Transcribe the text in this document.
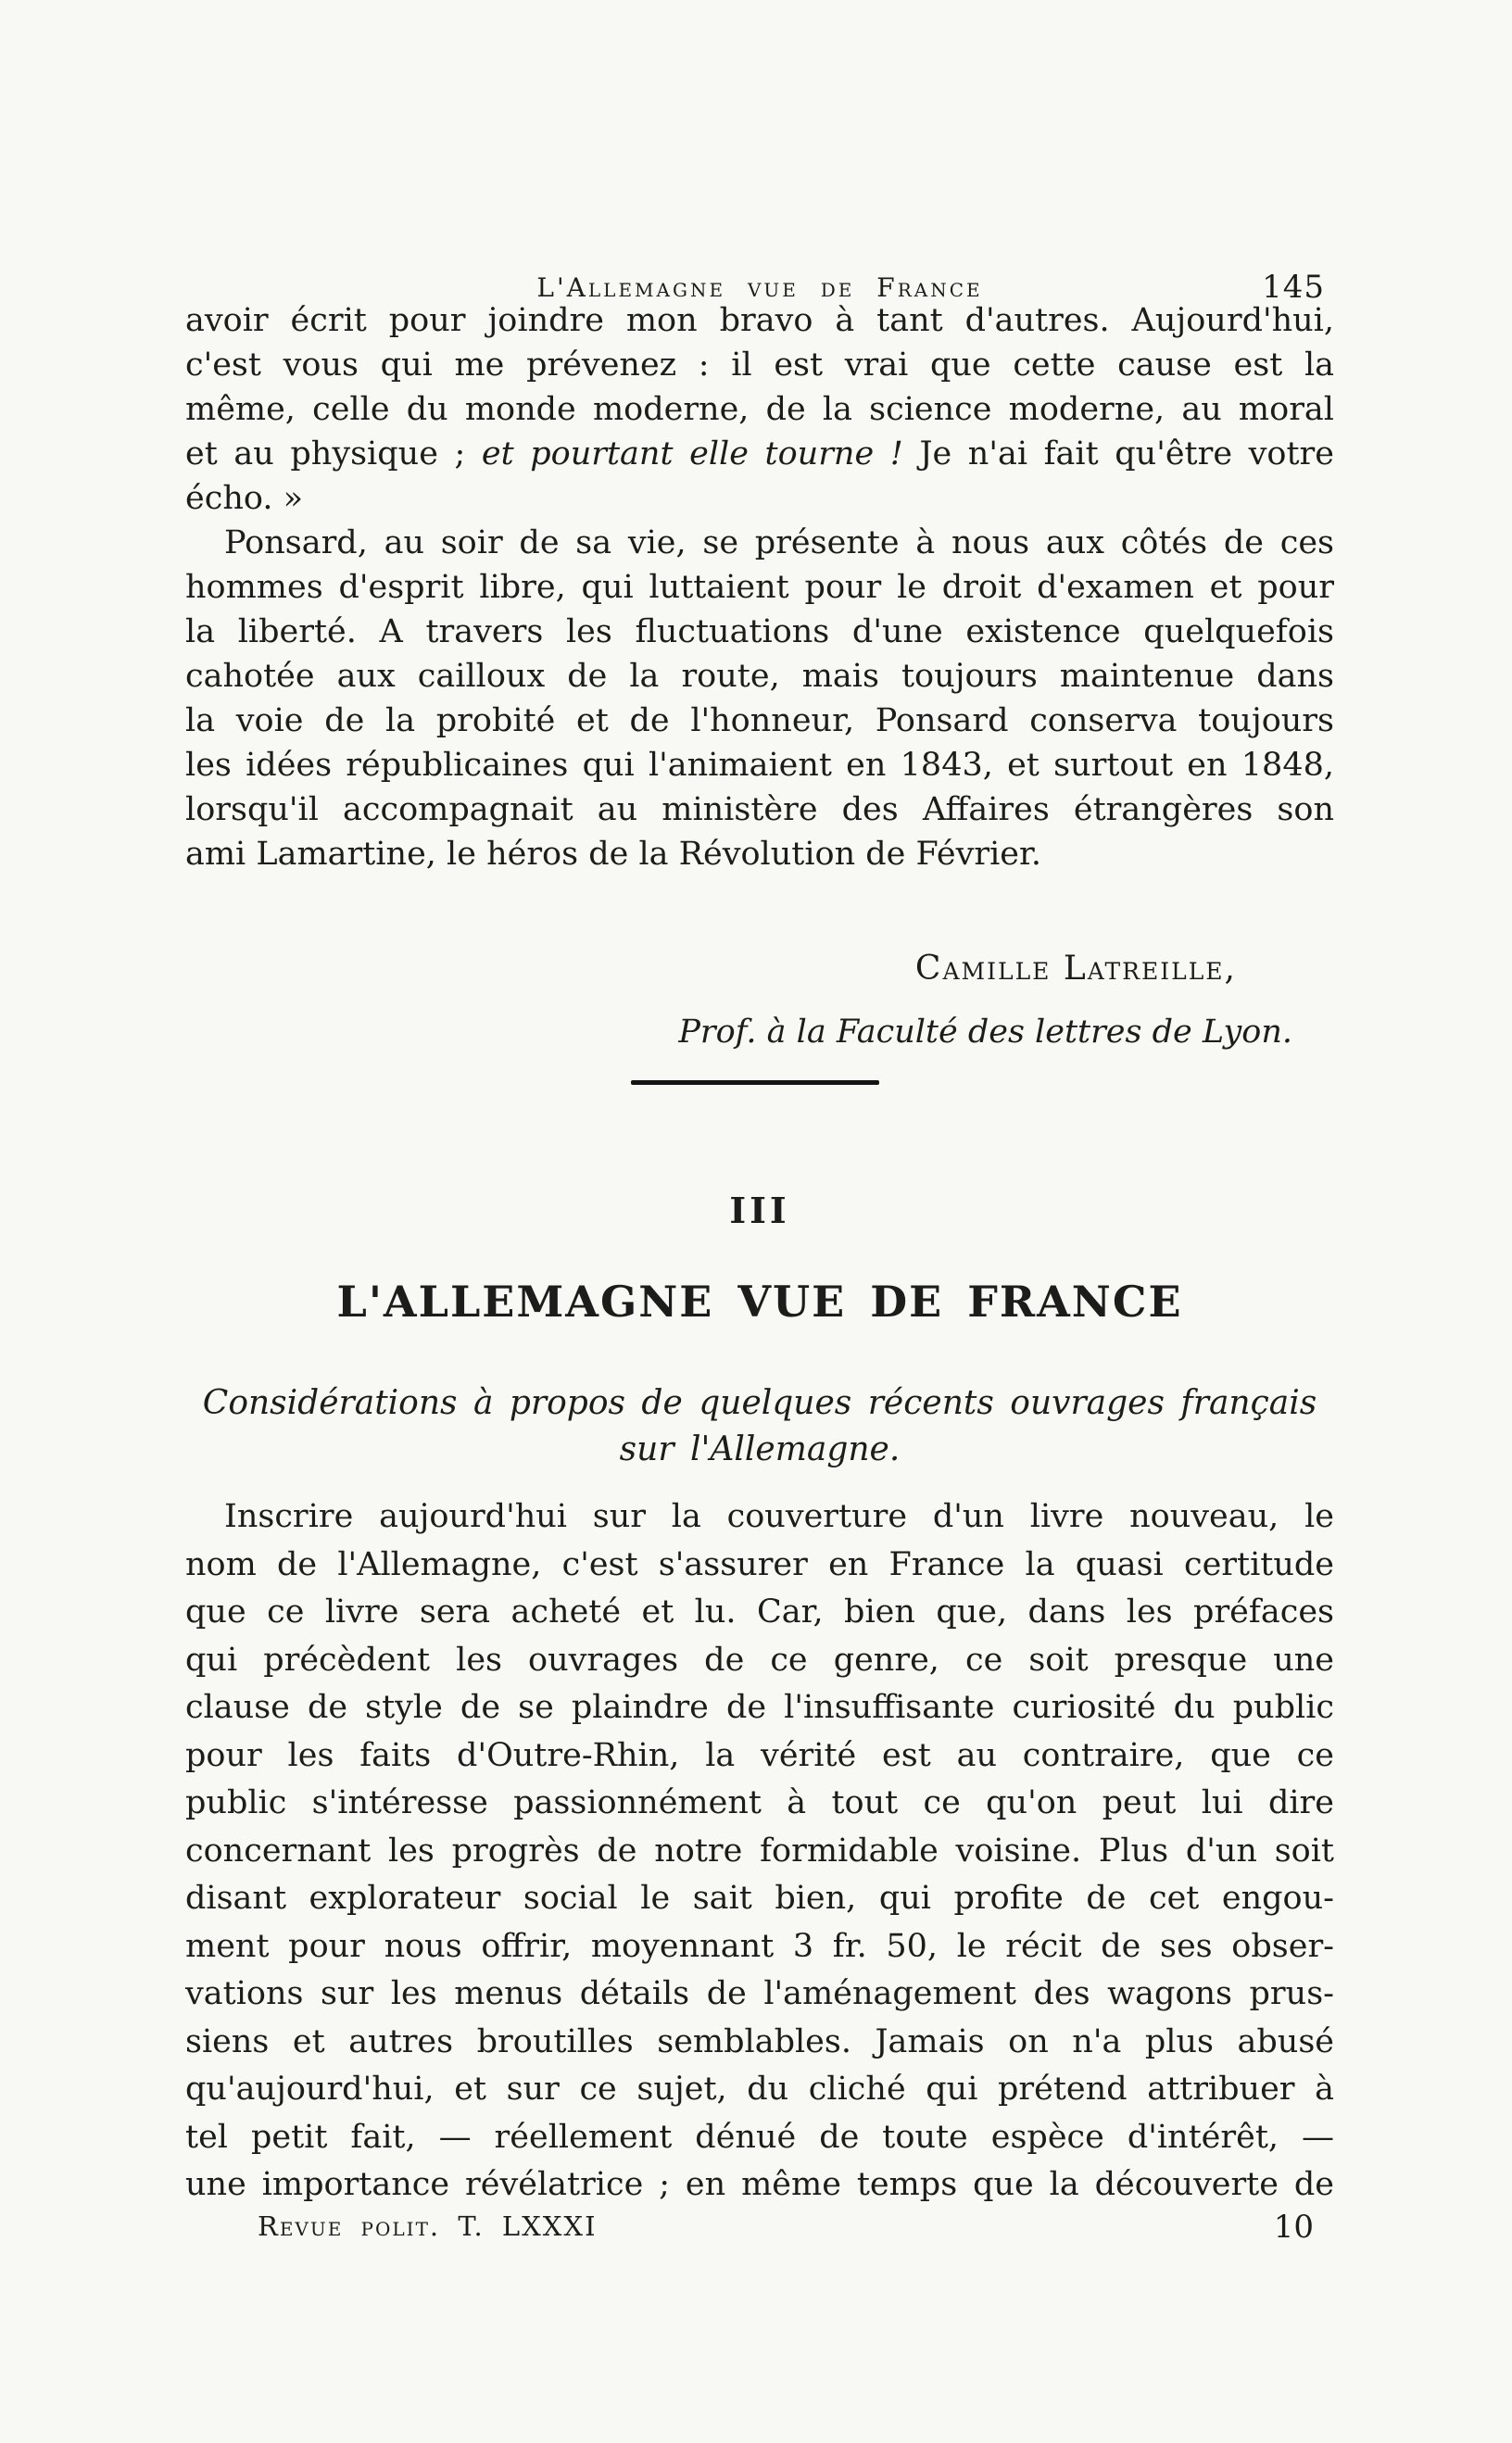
L'Allemagne vue de France	145
avoir écrit pour joindre mon bravo à tant d'autres. Aujourd'hui,
c'est vous qui me prévenez : il est vrai que cette cause est la
même, celle du monde moderne, de la science moderne, au moral
et au physique ; et pourtant elle tourne ! Je n'ai fait qu'être votre
écho. »
Ponsard, au soir de sa vie, se présente à nous aux côtés de ces
hommes d'esprit libre, qui luttaient pour le droit d'examen et pour
la liberté. A travers les fluctuations d'une existence quelquefois
cahotée aux cailloux de la route, mais toujours maintenue dans
la voie de la probité et de l'honneur, Ponsard conserva toujours
les idées républicaines qui l'animaient en 1843, et surtout en 1848,
lorsqu'il accompagnait au ministère des Affaires étrangères son
ami Lamartine, le héros de la Révolution de Février.
Camille Latreille,
Prof. à la Faculté des lettres de Lyon.
III
L'ALLEMAGNE VUE DE FRANCE
Considérations à propos de quelques récents ouvrages français
sur l'Allemagne.
Inscrire aujourd'hui sur la couverture d'un livre nouveau, le
nom de l'Allemagne, c'est s'assurer en France la quasi certitude
que ce livre sera acheté et lu. Car, bien que, dans les préfaces
qui précèdent les ouvrages de ce genre, ce soit presque une
clause de style de se plaindre de l'insuffisante curiosité du public
pour les faits d'Outre-Rhin, la vérité est au contraire, que ce
public s'intéresse passionnément à tout ce qu'on peut lui dire
concernant les progrès de notre formidable voisine. Plus d'un soit
disant explorateur social le sait bien, qui profite de cet engou-
ment pour nous offrir, moyennant 3 fr. 50, le récit de ses obser-
vations sur les menus détails de l'aménagement des wagons prus-
siens et autres broutilles semblables. Jamais on n'a plus abusé
qu'aujourd'hui, et sur ce sujet, du cliché qui prétend attribuer à
tel petit fait, — réellement dénué de toute espèce d'intérêt, —
une importance révélatrice ; en même temps que la découverte de
Revue polit. T. LXXXI	10
